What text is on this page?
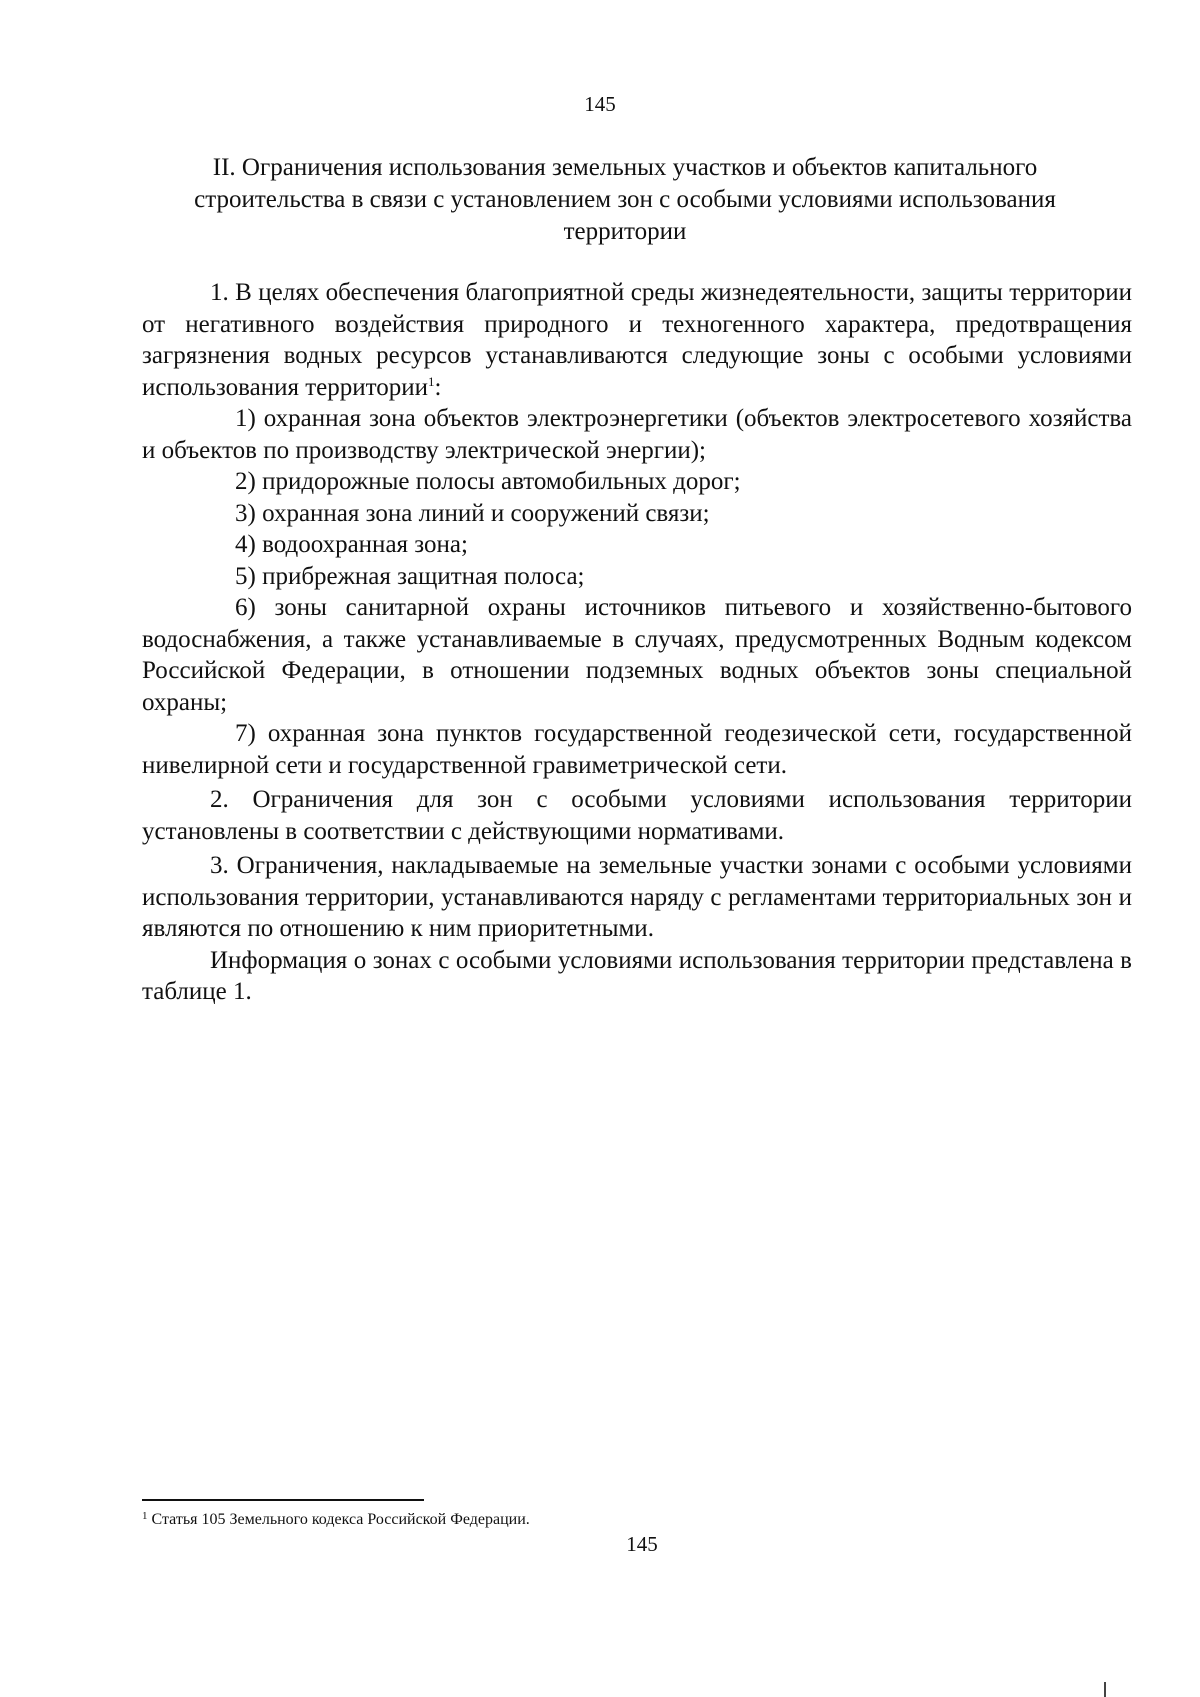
145
II. Ограничения использования земельных участков и объектов капитального строительства в связи с установлением зон с особыми условиями использования территории

1. В целях обеспечения благоприятной среды жизнедеятельности, защиты территории от негативного воздействия природного и техногенного характера, предотвращения загрязнения водных ресурсов устанавливаются следующие зоны с особыми условиями использования территории$^1$:

1) охранная зона объектов электроэнергетики (объектов электросетевого хозяйства и объектов по производству электрической энергии);

2) придорожные полосы автомобильных дорог;

3) охранная зона линий и сооружений связи;

4) водоохранная зона;

5) прибрежная защитная полоса;

6) зоны санитарной охраны источников питьевого и хозяйственно-бытового водоснабжения, а также устанавливаемые в случаях, предусмотренных Водным кодексом Российской Федерации, в отношении подземных водных объектов зоны специальной охраны;

7) охранная зона пунктов государственной геодезической сети, государственной нивелирной сети и государственной гравиметрической сети.

2. Ограничения для зон с особыми условиями использования территории установлены в соответствии с действующими нормативами.

3. Ограничения, накладываемые на земельные участки зонами с особыми условиями использования территории, устанавливаются наряду с регламентами территориальных зон и являются по отношению к ним приоритетными.

Информация о зонах с особыми условиями использования территории представлена в таблице 1.

$^1$ Статья 105 Земельного кодекса Российской Федерации.
145
